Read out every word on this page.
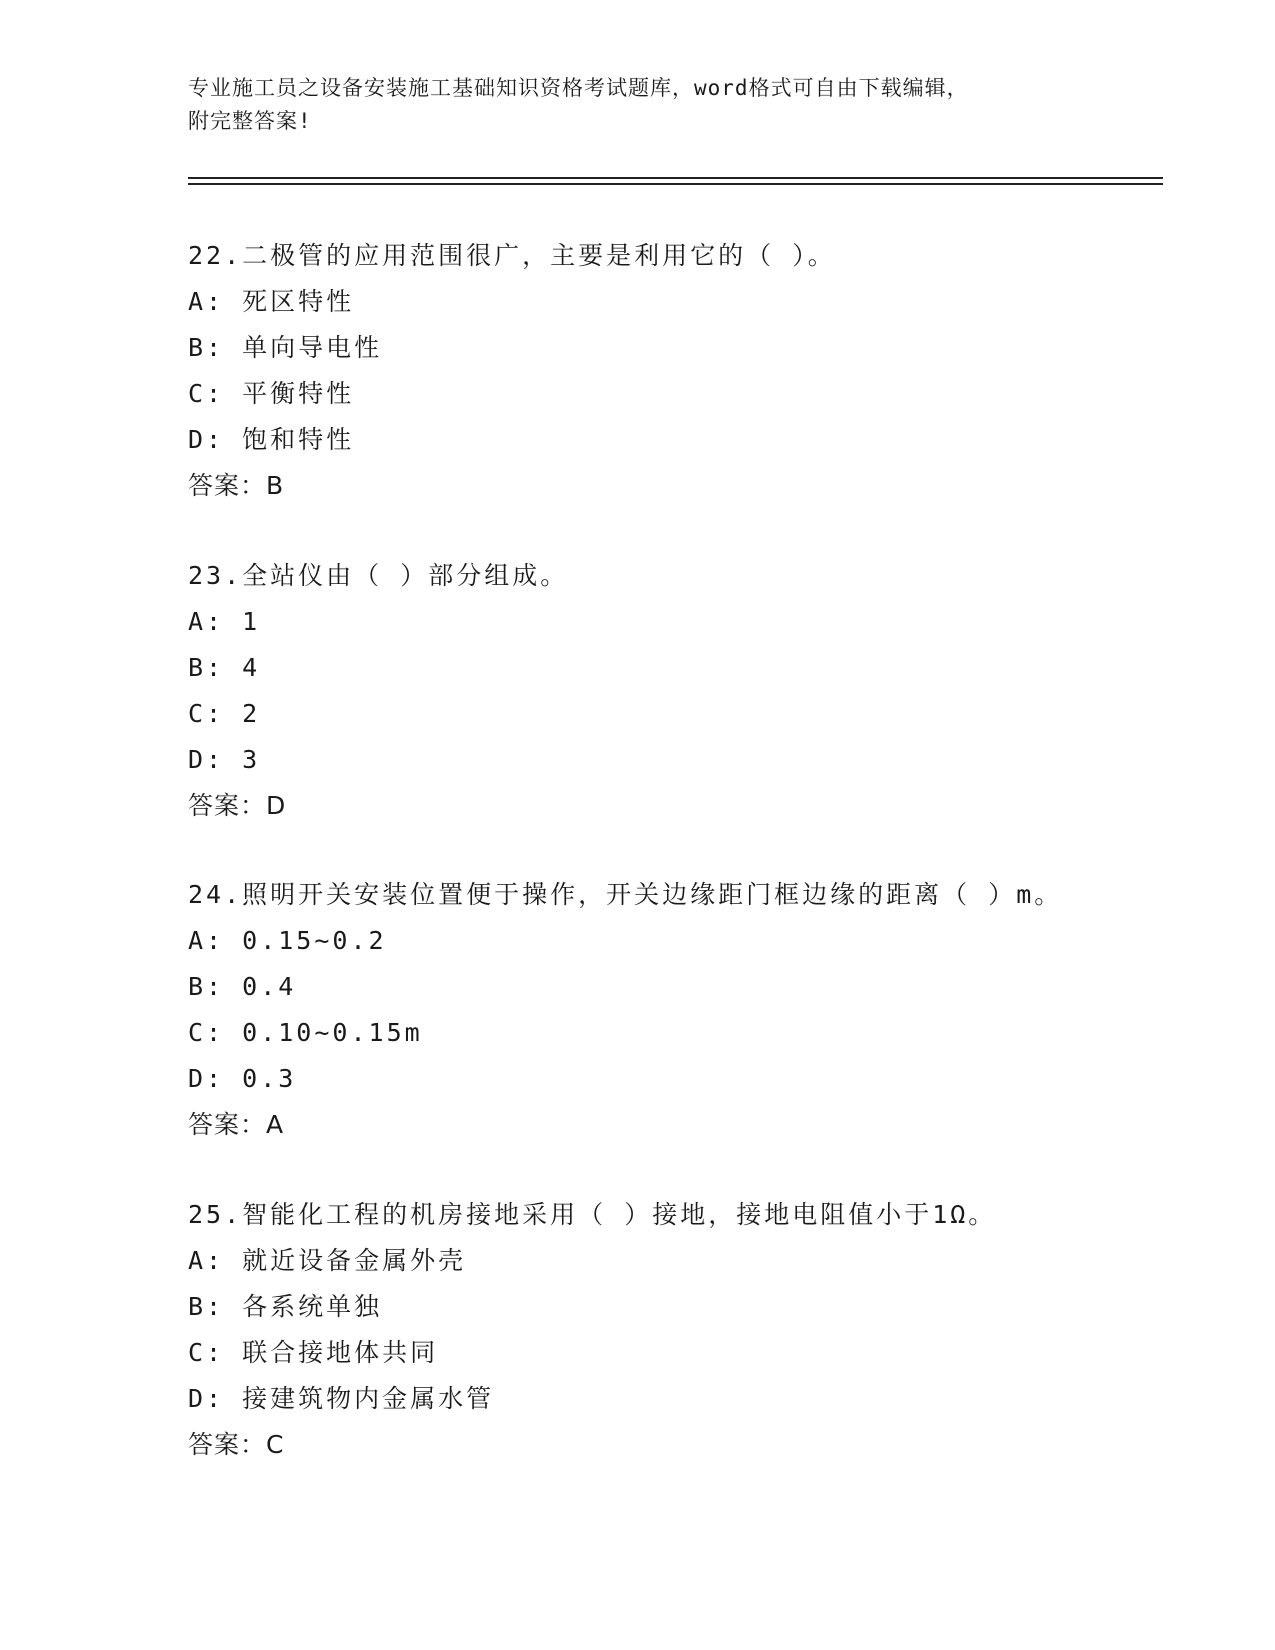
专业施工员之设备安装施工基础知识资格考试题库，word格式可自由下载编辑，
附完整答案!
22.二极管的应用范围很广，主要是利用它的（ ）。
A: 死区特性
B: 单向导电性
C: 平衡特性
D: 饱和特性
答案：B
23.全站仪由（ ）部分组成。
A: 1
B: 4
C: 2
D: 3
答案：D
24.照明开关安装位置便于操作，开关边缘距门框边缘的距离（ ）m。
A: 0.15~0.2
B: 0.4
C: 0.10~0.15m
D: 0.3
答案：A
25.智能化工程的机房接地采用（ ）接地，接地电阻值小于1Ω。
A: 就近设备金属外壳
B: 各系统单独
C: 联合接地体共同
D: 接建筑物内金属水管
答案：C
